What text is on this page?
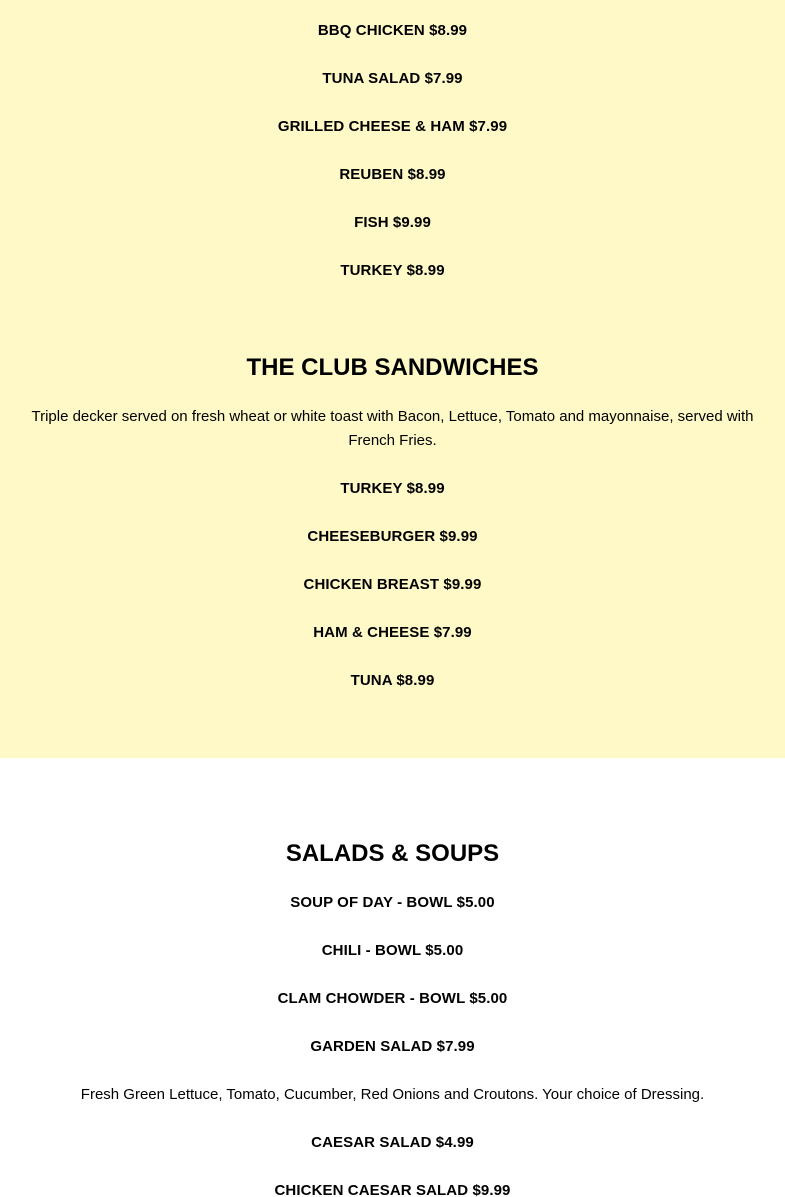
BBQ CHICKEN $8.99
TUNA SALAD $7.99
GRILLED CHEESE & HAM $7.99
REUBEN $8.99
FISH $9.99
TURKEY $8.99
THE CLUB SANDWICHES

Triple decker served on fresh wheat or white toast with Bacon, Lettuce, Tomato and mayonnaise, served with French Fries.

TURKEY $8.99
CHEESEBURGER $9.99
CHICKEN BREAST $9.99
HAM & CHEESE $7.99
TUNA $8.99
SALADS & SOUPS
SOUP OF DAY - BOWL $5.00
CHILI - BOWL $5.00
CLAM CHOWDER - BOWL $5.00
GARDEN SALAD $7.99

Fresh Green Lettuce, Tomato, Cucumber, Red Onions and Croutons. Your choice of Dressing.

CAESAR SALAD $4.99
CHICKEN CAESAR SALAD $9.99
